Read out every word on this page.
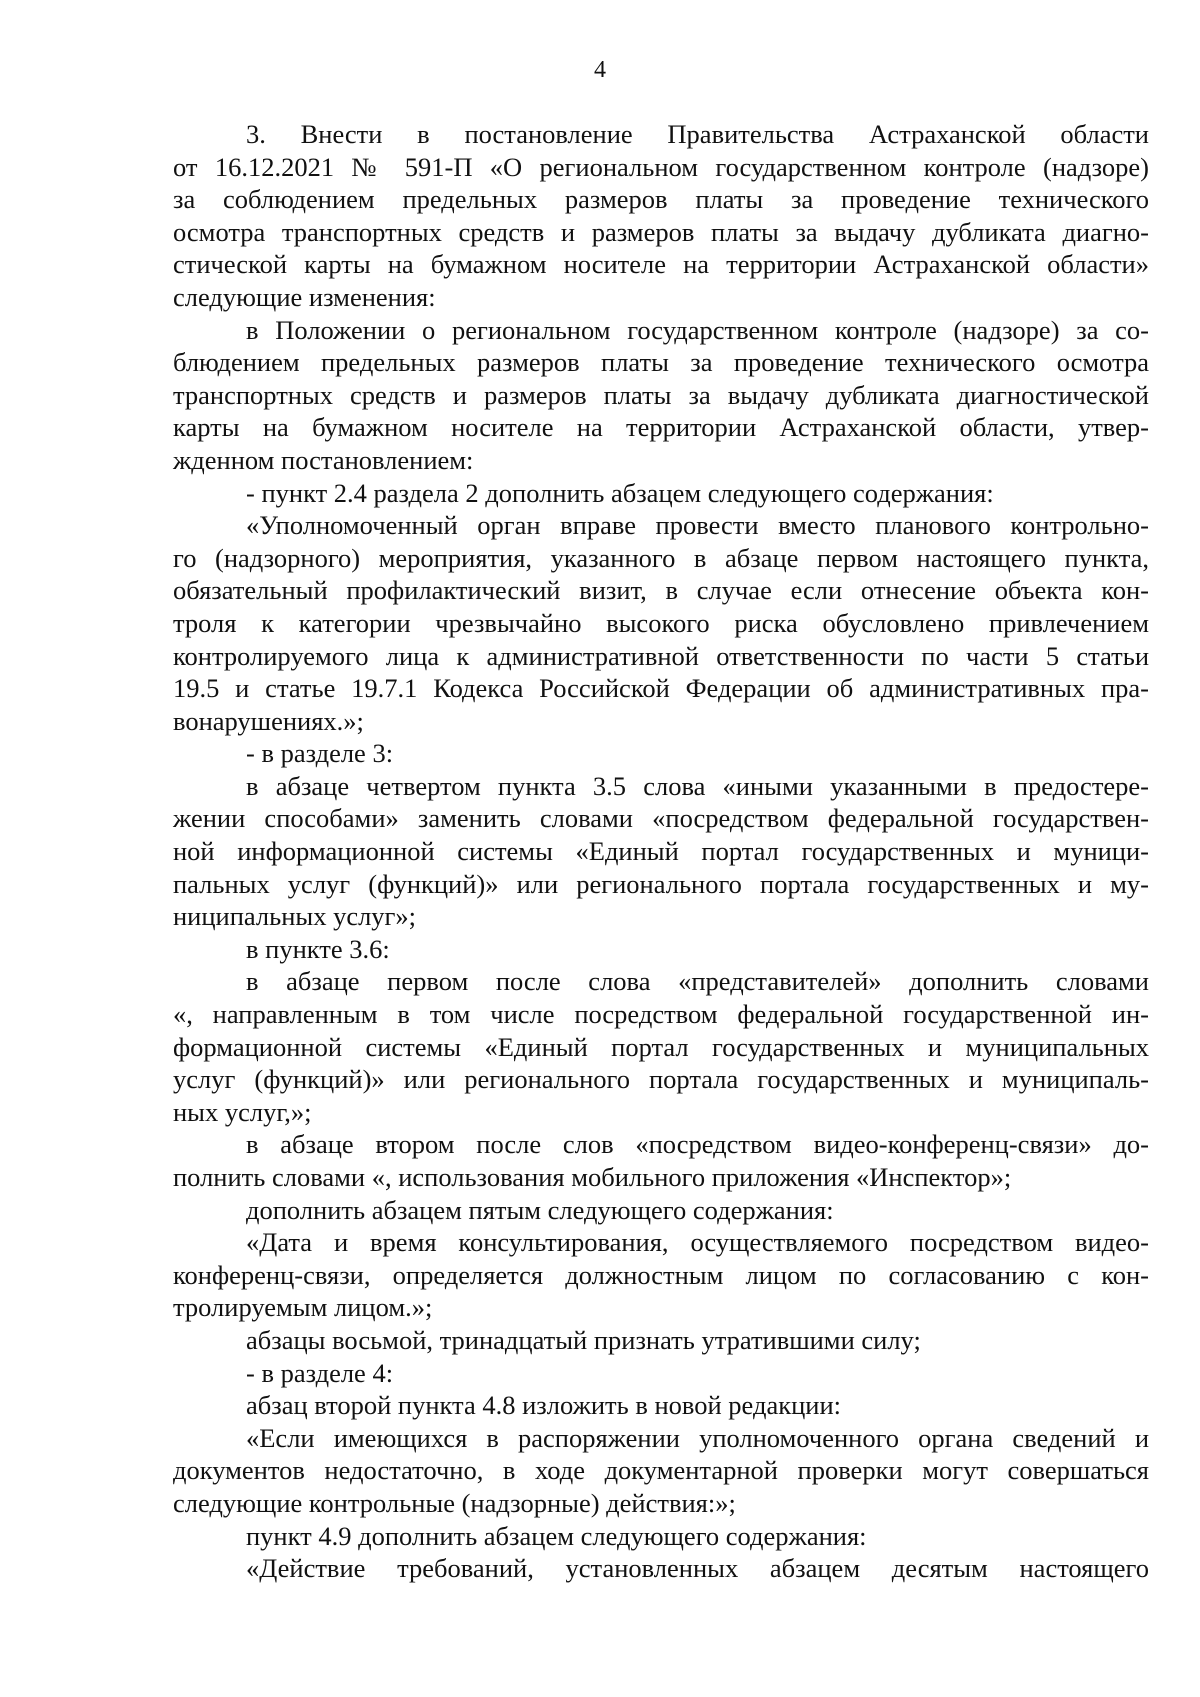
4
3. Внести в постановление Правительства Астраханской области
от 16.12.2021 № 591-П «О региональном государственном контроле (надзоре)
за соблюдением предельных размеров платы за проведение технического
осмотра транспортных средств и размеров платы за выдачу дубликата диагно-
стической карты на бумажном носителе на территории Астраханской области»
следующие изменения:
в Положении о региональном государственном контроле (надзоре) за со-
блюдением предельных размеров платы за проведение технического осмотра
транспортных средств и размеров платы за выдачу дубликата диагностической
карты на бумажном носителе на территории Астраханской области, утвер-
жденном постановлением:
- пункт 2.4 раздела 2 дополнить абзацем следующего содержания:
«Уполномоченный орган вправе провести вместо планового контрольно-
го (надзорного) мероприятия, указанного в абзаце первом настоящего пункта,
обязательный профилактический визит, в случае если отнесение объекта кон-
троля к категории чрезвычайно высокого риска обусловлено привлечением
контролируемого лица к административной ответственности по части 5 статьи
19.5 и статье 19.7.1 Кодекса Российской Федерации об административных пра-
вонарушениях.»;
- в разделе 3:
в абзаце четвертом пункта 3.5 слова «иными указанными в предостере-
жении способами» заменить словами «посредством федеральной государствен-
ной информационной системы «Единый портал государственных и муници-
пальных услуг (функций)» или регионального портала государственных и му-
ниципальных услуг»;
в пункте 3.6:
в абзаце первом после слова «представителей» дополнить словами
«, направленным в том числе посредством федеральной государственной ин-
формационной системы «Единый портал государственных и муниципальных
услуг (функций)» или регионального портала государственных и муниципаль-
ных услуг,»;
в абзаце втором после слов «посредством видео-конференц-связи» до-
полнить словами «, использования мобильного приложения «Инспектор»;
дополнить абзацем пятым следующего содержания:
«Дата и время консультирования, осуществляемого посредством видео-
конференц-связи, определяется должностным лицом по согласованию с кон-
тролируемым лицом.»;
абзацы восьмой, тринадцатый признать утратившими силу;
- в разделе 4:
абзац второй пункта 4.8 изложить в новой редакции:
«Если имеющихся в распоряжении уполномоченного органа сведений и
документов недостаточно, в ходе документарной проверки могут совершаться
следующие контрольные (надзорные) действия:»;
пункт 4.9 дополнить абзацем следующего содержания:
«Действие требований, установленных абзацем десятым настоящего
